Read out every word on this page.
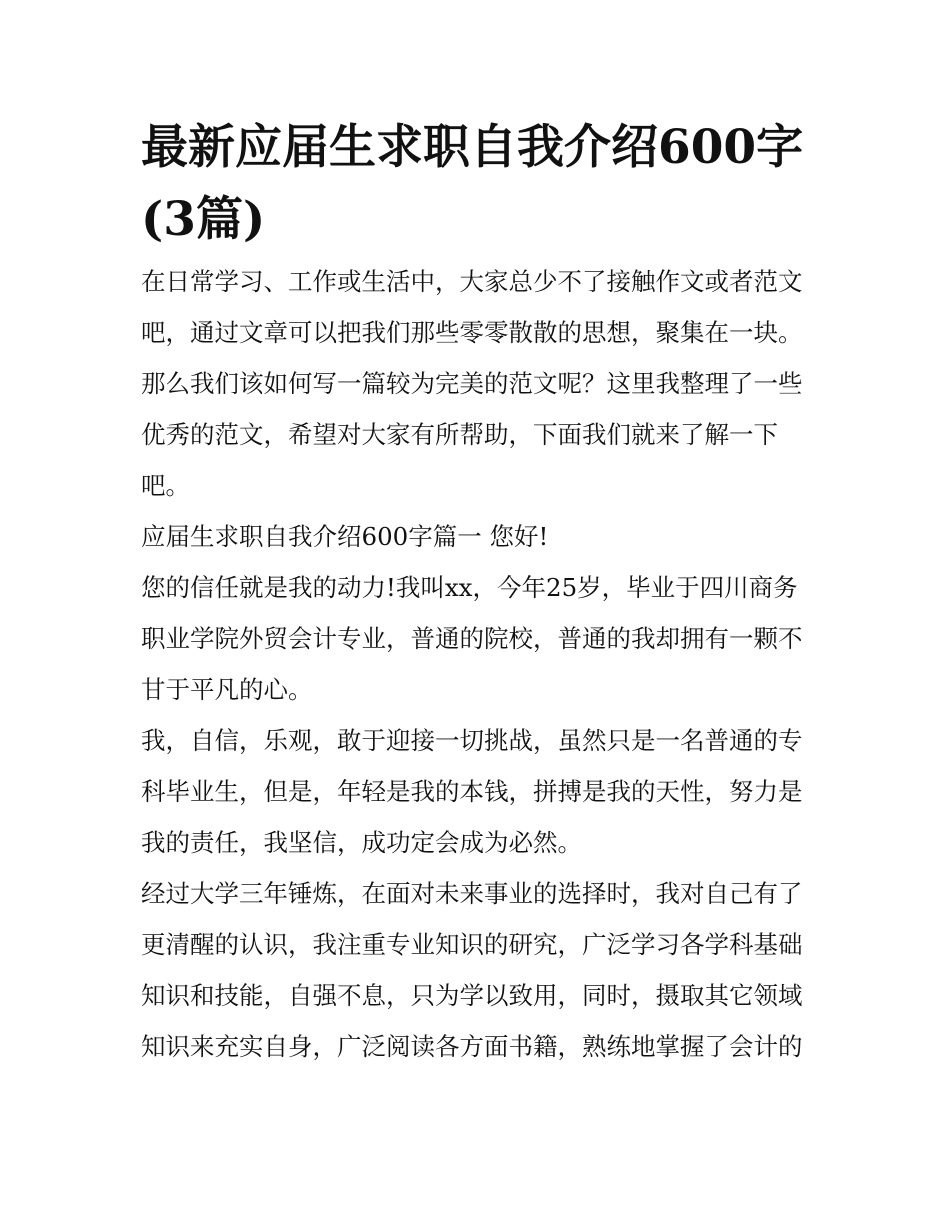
最新应届生求职自我介绍600字(3篇)

在日常学习、工作或生活中，大家总少不了接触作文或者范文吧，通过文章可以把我们那些零零散散的思想，聚集在一块。那么我们该如何写一篇较为完美的范文呢？这里我整理了一些优秀的范文，希望对大家有所帮助，下面我们就来了解一下吧。

应届生求职自我介绍600字篇一 您好!

您的信任就是我的动力!我叫xx，今年25岁，毕业于四川商务职业学院外贸会计专业，普通的院校，普通的我却拥有一颗不甘于平凡的心。

我，自信，乐观，敢于迎接一切挑战，虽然只是一名普通的专科毕业生，但是，年轻是我的本钱，拼搏是我的天性，努力是我的责任，我坚信，成功定会成为必然。

经过大学三年锤炼，在面对未来事业的选择时，我对自己有了更清醒的认识，我注重专业知识的研究，广泛学习各学科基础知识和技能，自强不息，只为学以致用，同时，摄取其它领域知识来充实自身，广泛阅读各方面书籍，熟练地掌握了会计的
